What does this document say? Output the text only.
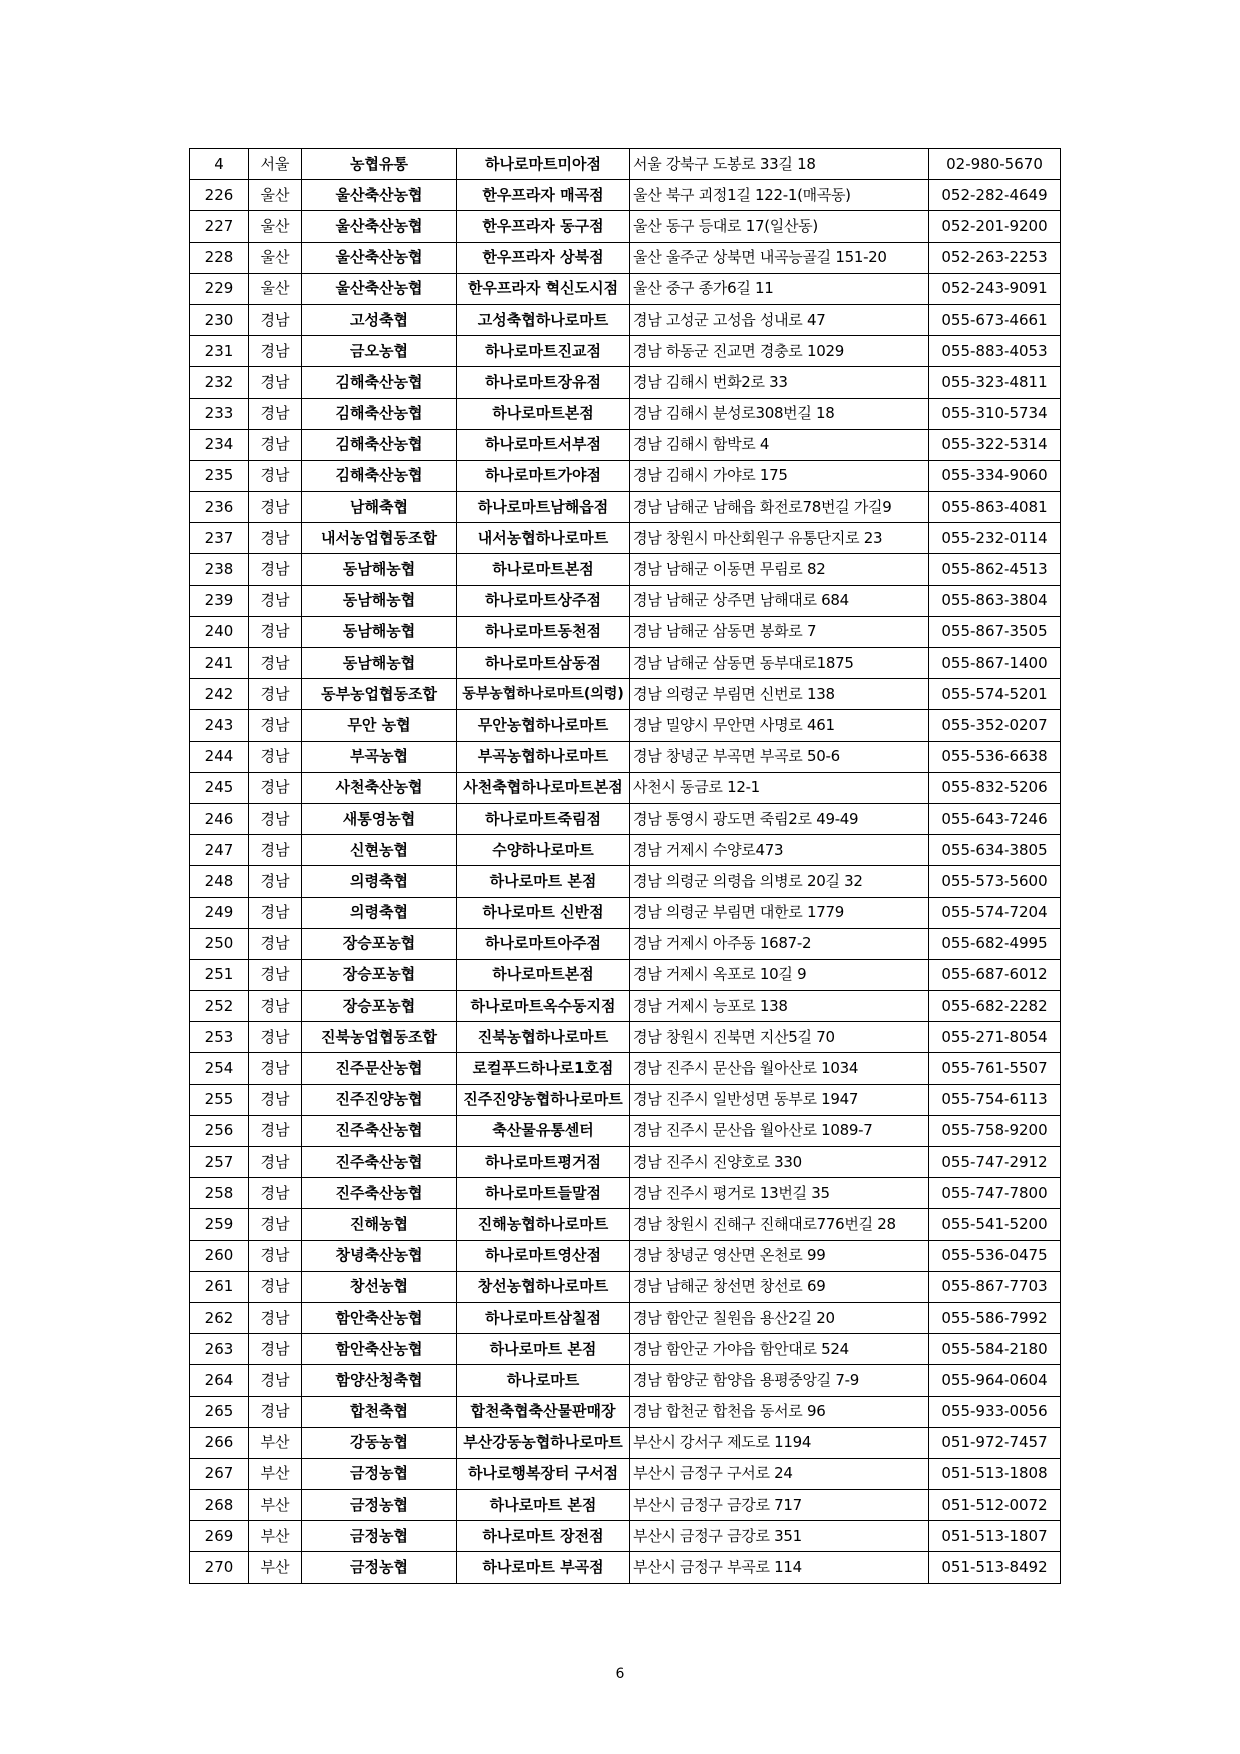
4	서울	농협유통	하나로마트미아점	서울 강북구 도봉로 33길 18	02-980-5670
226	울산	울산축산농협	한우프라자 매곡점	울산 북구 괴정1길 122-1(매곡동)	052-282-4649
227	울산	울산축산농협	한우프라자 동구점	울산 동구 등대로 17(일산동)	052-201-9200
228	울산	울산축산농협	한우프라자 상북점	울산 울주군 상북면 내곡능골길 151-20	052-263-2253
229	울산	울산축산농협	한우프라자 혁신도시점	울산 중구 종가6길 11	052-243-9091
230	경남	고성축협	고성축협하나로마트	경남 고성군 고성읍 성내로 47	055-673-4661
231	경남	금오농협	하나로마트진교점	경남 하동군 진교면 경충로 1029	055-883-4053
232	경남	김해축산농협	하나로마트장유점	경남 김해시 번화2로 33	055-323-4811
233	경남	김해축산농협	하나로마트본점	경남 김해시 분성로308번길 18	055-310-5734
234	경남	김해축산농협	하나로마트서부점	경남 김해시 함박로 4	055-322-5314
235	경남	김해축산농협	하나로마트가야점	경남 김해시 가야로 175	055-334-9060
236	경남	남해축협	하나로마트남해읍점	경남 남해군 남해읍 화전로78번길 가길9	055-863-4081
237	경남	내서농업협동조합	내서농협하나로마트	경남 창원시 마산회원구 유통단지로 23	055-232-0114
238	경남	동남해농협	하나로마트본점	경남 남해군 이동면 무림로 82	055-862-4513
239	경남	동남해농협	하나로마트상주점	경남 남해군 상주면 남해대로 684	055-863-3804
240	경남	동남해농협	하나로마트동천점	경남 남해군 삼동면 봉화로 7	055-867-3505
241	경남	동남해농협	하나로마트삼동점	경남 남해군 삼동면 동부대로1875	055-867-1400
242	경남	동부농업협동조합	동부농협하나로마트(의령)	경남 의령군 부림면 신번로 138	055-574-5201
243	경남	무안 농협	무안농협하나로마트	경남 밀양시 무안면 사명로 461	055-352-0207
244	경남	부곡농협	부곡농협하나로마트	경남 창녕군 부곡면 부곡로 50-6	055-536-6638
245	경남	사천축산농협	사천축협하나로마트본점	사천시 동금로 12-1	055-832-5206
246	경남	새통영농협	하나로마트죽림점	경남 통영시 광도면 죽림2로 49-49	055-643-7246
247	경남	신현농협	수양하나로마트	경남 거제시 수양로473	055-634-3805
248	경남	의령축협	하나로마트 본점	경남 의령군 의령읍 의병로 20길 32	055-573-5600
249	경남	의령축협	하나로마트 신반점	경남 의령군 부림면 대한로 1779	055-574-7204
250	경남	장승포농협	하나로마트아주점	경남 거제시 아주동 1687-2	055-682-4995
251	경남	장승포농협	하나로마트본점	경남 거제시 옥포로 10길 9	055-687-6012
252	경남	장승포농협	하나로마트옥수동지점	경남 거제시 능포로 138	055-682-2282
253	경남	진북농업협동조합	진북농협하나로마트	경남 창원시 진북면 지산5길 70	055-271-8054
254	경남	진주문산농협	로컬푸드하나로1호점	경남 진주시 문산읍 월아산로 1034	055-761-5507
255	경남	진주진양농협	진주진양농협하나로마트	경남 진주시 일반성면 동부로 1947	055-754-6113
256	경남	진주축산농협	축산물유통센터	경남 진주시 문산읍 월아산로 1089-7	055-758-9200
257	경남	진주축산농협	하나로마트평거점	경남 진주시 진양호로 330	055-747-2912
258	경남	진주축산농협	하나로마트들말점	경남 진주시 평거로 13번길 35	055-747-7800
259	경남	진해농협	진해농협하나로마트	경남 창원시 진해구 진해대로776번길 28	055-541-5200
260	경남	창녕축산농협	하나로마트영산점	경남 창녕군 영산면 온천로 99	055-536-0475
261	경남	창선농협	창선농협하나로마트	경남 남해군 창선면 창선로 69	055-867-7703
262	경남	함안축산농협	하나로마트삼칠점	경남 함안군 칠원읍 용산2길 20	055-586-7992
263	경남	함안축산농협	하나로마트 본점	경남 함안군 가야읍 함안대로 524	055-584-2180
264	경남	함양산청축협	하나로마트	경남 함양군 함양읍 용평중앙길 7-9	055-964-0604
265	경남	합천축협	합천축협축산물판매장	경남 합천군 합천읍 동서로 96	055-933-0056
266	부산	강동농협	부산강동농협하나로마트	부산시 강서구 제도로 1194	051-972-7457
267	부산	금정농협	하나로행복장터 구서점	부산시 금정구 구서로 24	051-513-1808
268	부산	금정농협	하나로마트 본점	부산시 금정구 금강로 717	051-512-0072
269	부산	금정농협	하나로마트 장전점	부산시 금정구 금강로 351	051-513-1807
270	부산	금정농협	하나로마트 부곡점	부산시 금정구 부곡로 114	051-513-8492
6
